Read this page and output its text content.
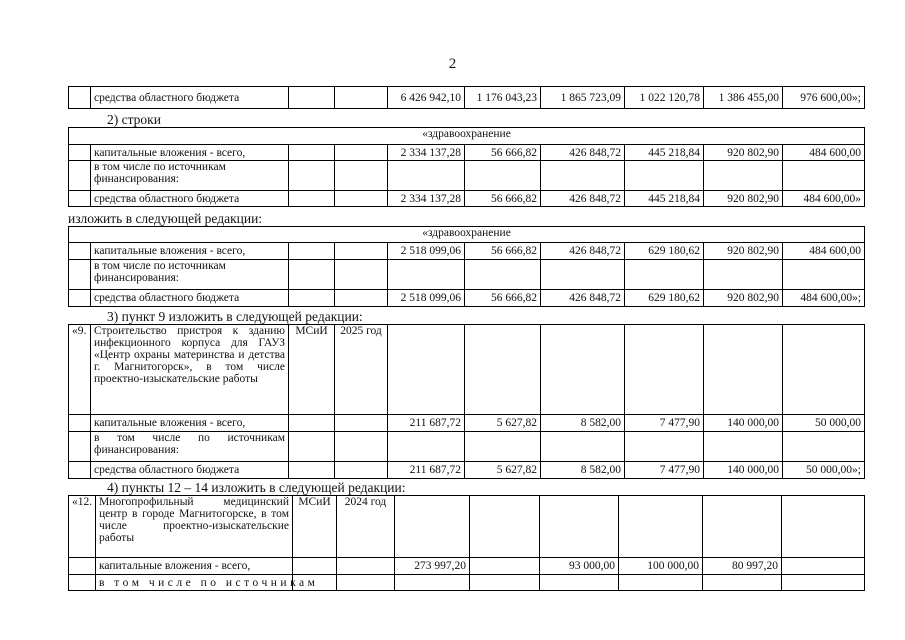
2
	средства областного бюджета			6 426 942,10	1 176 043,23	1 865 723,09	1 022 120,78	1 386 455,00	976 600,00»;
2) строки
«здравоохранение									
	капитальные вложения - всего,			2 334 137,28	56 666,82	426 848,72	445 218,84	920 802,90	484 600,00
	в том числе по источникам финансирования:								
	средства областного бюджета			2 334 137,28	56 666,82	426 848,72	445 218,84	920 802,90	484 600,00»
изложить в следующей редакции:
«здравоохранение									
	капитальные вложения - всего,			2 518 099,06	56 666,82	426 848,72	629 180,62	920 802,90	484 600,00
	в том числе по источникам финансирования:								
	средства областного бюджета			2 518 099,06	56 666,82	426 848,72	629 180,62	920 802,90	484 600,00»;
3) пункт 9 изложить в следующей редакции:
«9.	Строительство пристроя к зданию инфекционного корпуса для ГАУЗ «Центр охраны материнства и детства г. Магнитогорск», в том числе проектно-изыскательские работы	МСиИ	2025 год						
	капитальные вложения - всего,			211 687,72	5 627,82	8 582,00	7 477,90	140 000,00	50 000,00
	в том числе по источникам финансирования:								
	средства областного бюджета			211 687,72	5 627,82	8 582,00	7 477,90	140 000,00	50 000,00»;
4) пункты 12 – 14 изложить в следующей редакции:
«12.	Многопрофильный медицинский центр в городе Магнитогорске, в том числе проектно-изыскательские работы	МСиИ	2024 год						
	капитальные вложения - всего,			273 997,20		93 000,00	100 000,00	80 997,20	
	в том числе по источникам								
